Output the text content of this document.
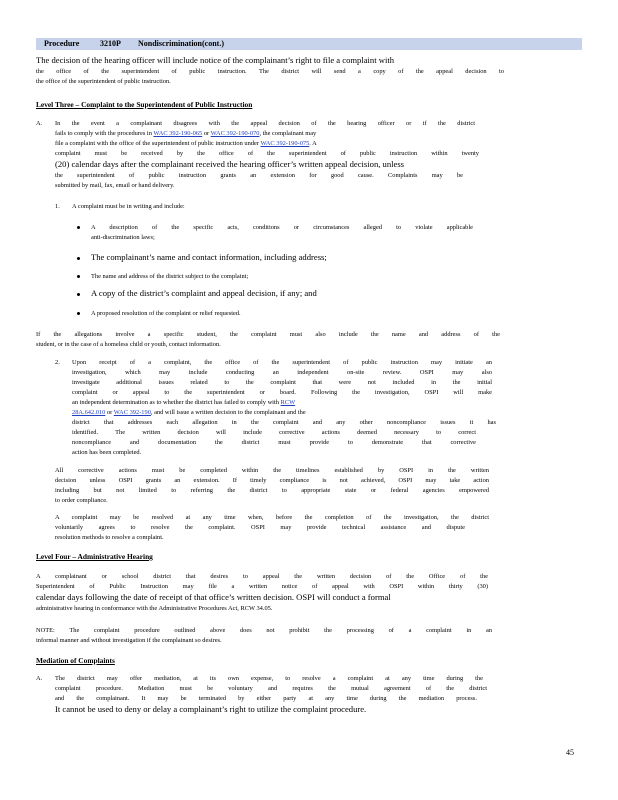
Procedure	3210P Nondiscrimination(cont.)
The decision of the hearing officer will include notice of the complainant’s right to file a complaint with
the office of the superintendent of public instruction. The district will send a copy of the appeal decision to
the office of the superintendent of public instruction.
Level Three – Complaint to the Superintendent of Public Instruction
A. In the event a complainant disagrees with the appeal decision of the hearing officer or if the district
fails to comply with the procedures in WAC 392-190-065 or WAC 392-190-070, the complainant may
file a complaint with the office of the superintendent of public instruction under WAC 392-190-075. A
complaint must be received by the office of the superintendent of public instruction within twenty
(20) calendar days after the complainant received the hearing officer’s written appeal decision, unless
the superintendent of public instruction grants an extension for good cause. Complaints may be
submitted by mail, fax, email or hand delivery.
1. A complaint must be in writing and include:
A description of the specific acts, conditions or circumstances alleged to violate applicable
anti-discrimination laws;
The complainant’s name and contact information, including address;
The name and address of the district subject to the complaint;
A copy of the district’s complaint and appeal decision, if any; and
A proposed resolution of the complaint or relief requested.
If the allegations involve a specific student, the complaint must also include the name and address of the
student, or in the case of a homeless child or youth, contact information.
2. Upon receipt of a complaint, the office of the superintendent of public instruction may initiate an
investigation, which may include conducting an independent on-site review. OSPI may also
investigate additional issues related to the complaint that were not included in the initial
complaint or appeal to the superintendent or board. Following the investigation, OSPI will make
an independent determination as to whether the district has failed to comply with RCW
28A.642.010 or WAC 392-190, and will issue a written decision to the complainant and the
district that addresses each allegation in the complaint and any other noncompliance issues it has
identified. The written decision will include corrective actions deemed necessary to correct
noncompliance and documentation the district must provide to demonstrate that corrective
action has been completed.
All corrective actions must be completed within the timelines established by OSPI in the written
decision unless OSPI grants an extension. If timely compliance is not achieved, OSPI may take action
including but not limited to referring the district to appropriate state or federal agencies empowered
to order compliance.
A complaint may be resolved at any time when, before the completion of the investigation, the district
voluntarily agrees to resolve the complaint. OSPI may provide technical assistance and dispute
resolution methods to resolve a complaint.
Level Four – Administrative Hearing
A complainant or school district that desires to appeal the written decision of the Office of the
Superintendent of Public Instruction may file a written notice of appeal with OSPI within thirty (30)
calendar days following the date of receipt of that office’s written decision. OSPI will conduct a formal
administrative hearing in conformance with the Administrative Procedures Act, RCW 34.05.
NOTE: The complaint procedure outlined above does not prohibit the processing of a complaint in an
informal manner and without investigation if the complainant so desires.
Mediation of Complaints
A. The district may offer mediation, at its own expense, to resolve a complaint at any time during the
complaint procedure. Mediation must be voluntary and requires the mutual agreement of the district
and the complainant. It may be terminated by either party at any time during the mediation process.
It cannot be used to deny or delay a complainant’s right to utilize the complaint procedure.
45
